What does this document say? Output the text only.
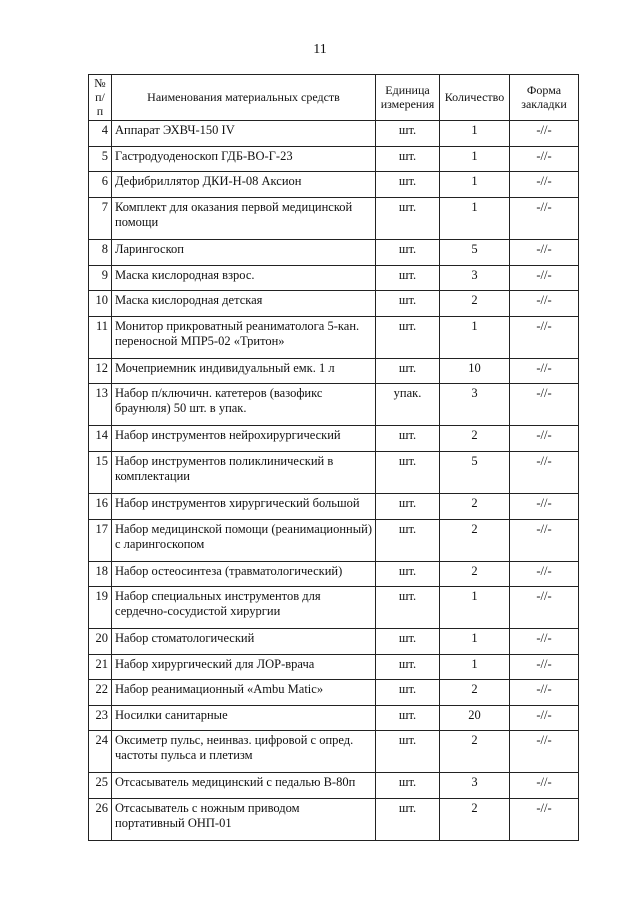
11
№ п/п	Наименования материальных средств	Единица измерения	Количество	Форма закладки
4	Аппарат ЭХВЧ-150 IV	шт.	1	-//-
5	Гастродуоденоскоп ГДБ-ВО-Г-23	шт.	1	-//-
6	Дефибриллятор ДКИ-Н-08 Аксион	шт.	1	-//-
7	Комплект для оказания первой медицинской помощи	шт.	1	-//-
8	Ларингоскоп	шт.	5	-//-
9	Маска кислородная взрос.	шт.	3	-//-
10	Маска кислородная детская	шт.	2	-//-
11	Монитор прикроватный реаниматолога 5-кан. переносной МПР5-02 «Тритон»	шт.	1	-//-
12	Мочеприемник индивидуальный емк. 1 л	шт.	10	-//-
13	Набор п/ключичн. катетеров (вазофикс браунюля) 50 шт. в упак.	упак.	3	-//-
14	Набор инструментов нейрохирургический	шт.	2	-//-
15	Набор инструментов поликлинический в комплектации	шт.	5	-//-
16	Набор инструментов хирургический большой	шт.	2	-//-
17	Набор медицинской помощи (реанимационный) с ларингоскопом	шт.	2	-//-
18	Набор остеосинтеза (травматологический)	шт.	2	-//-
19	Набор специальных инструментов для сердечно-сосудистой хирургии	шт.	1	-//-
20	Набор стоматологический	шт.	1	-//-
21	Набор хирургический для ЛОР-врача	шт.	1	-//-
22	Набор реанимационный «Ambu Matic»	шт.	2	-//-
23	Носилки санитарные	шт.	20	-//-
24	Оксиметр пульс, неинваз. цифровой с опред. частоты пульса и плетизм	шт.	2	-//-
25	Отсасыватель медицинский с педалью В-80п	шт.	3	-//-
26	Отсасыватель с ножным приводом портативный ОНП-01	шт.	2	-//-
